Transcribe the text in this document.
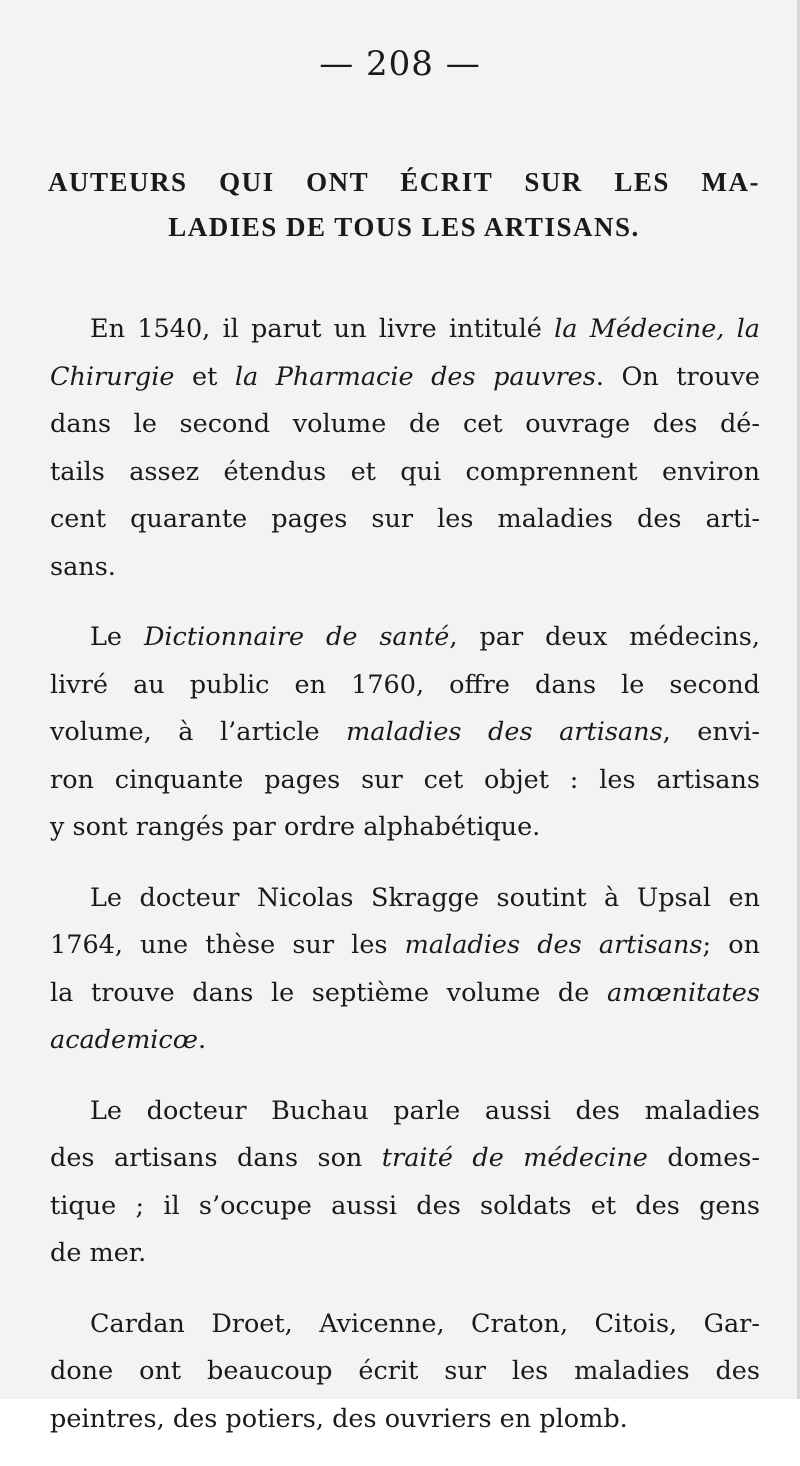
— 208 —
AUTEURS QUI ONT ÉCRIT SUR LES MA-
LADIES DE TOUS LES ARTISANS.
En 1540, il parut un livre intitulé la Médecine, la
Chirurgie et la Pharmacie des pauvres. On trouve
dans le second volume de cet ouvrage des dé-
tails assez étendus et qui comprennent environ
cent quarante pages sur les maladies des arti-
sans.
Le Dictionnaire de santé, par deux médecins,
livré au public en 1760, offre dans le second
volume, à l’article maladies des artisans, envi-
ron cinquante pages sur cet objet : les artisans
y sont rangés par ordre alphabétique.
Le docteur Nicolas Skragge soutint à Upsal en
1764, une thèse sur les maladies des artisans; on
la trouve dans le septième volume de amœnitates
academicœ.
Le docteur Buchau parle aussi des maladies
des artisans dans son traité de médecine domes-
tique ; il s’occupe aussi des soldats et des gens
de mer.
Cardan Droet, Avicenne, Craton, Citois, Gar-
done ont beaucoup écrit sur les maladies des
peintres, des potiers, des ouvriers en plomb.
